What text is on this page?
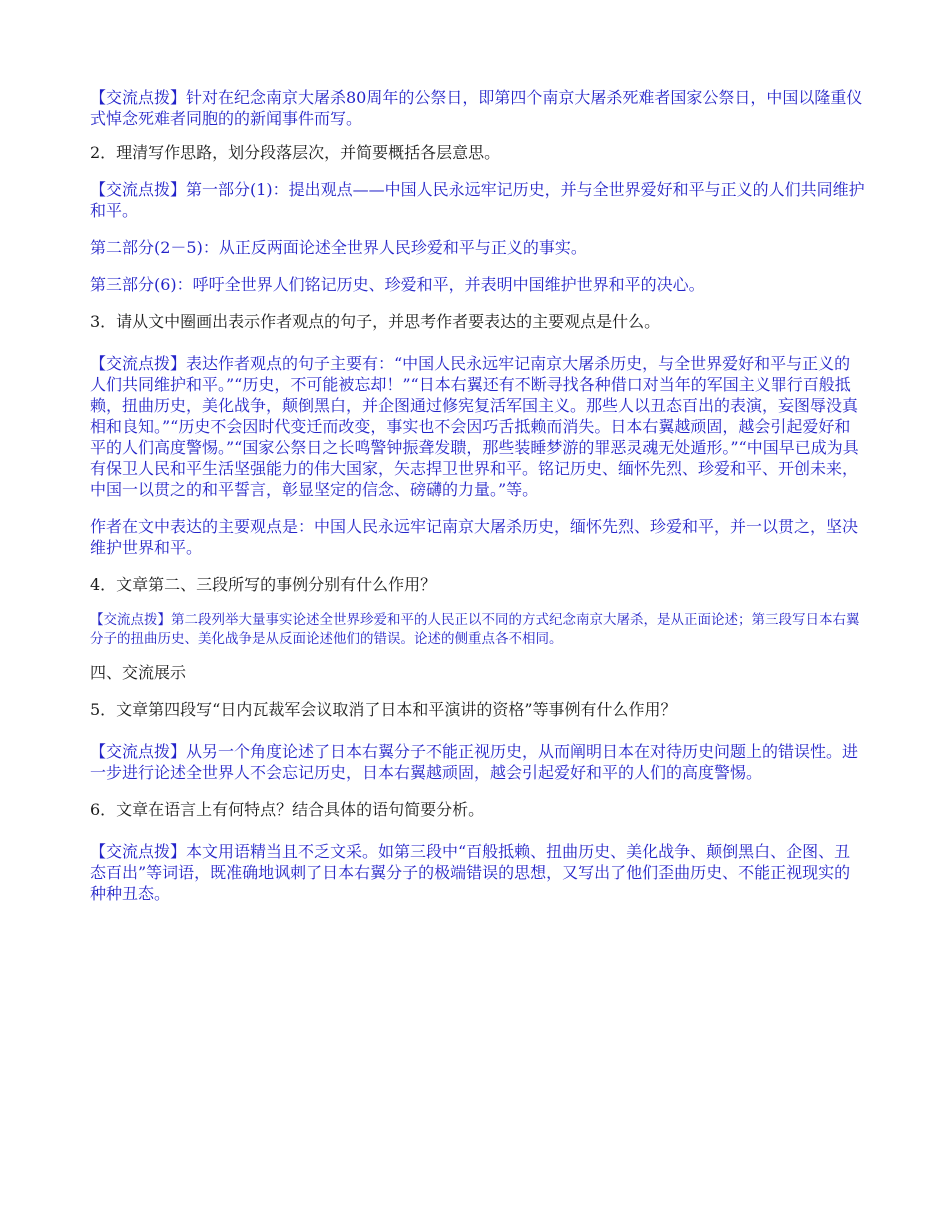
【交流点拨】针对在纪念南京大屠杀80周年的公祭日，即第四个南京大屠杀死难者国家公祭日，中国以隆重仪式悼念死难者同胞的的新闻事件而写。

2．理清写作思路，划分段落层次，并简要概括各层意思。

【交流点拨】第一部分(1)：提出观点——中国人民永远牢记历史，并与全世界爱好和平与正义的人们共同维护和平。

第二部分(2－5)：从正反两面论述全世界人民珍爱和平与正义的事实。

第三部分(6)：呼吁全世界人们铭记历史、珍爱和平，并表明中国维护世界和平的决心。

3．请从文中圈画出表示作者观点的句子，并思考作者要表达的主要观点是什么。

【交流点拨】表达作者观点的句子主要有：“中国人民永远牢记南京大屠杀历史，与全世界爱好和平与正义的人们共同维护和平。”“历史，不可能被忘却！”“日本右翼还有不断寻找各种借口对当年的军国主义罪行百般抵赖，扭曲历史，美化战争，颠倒黑白，并企图通过修宪复活军国主义。那些人以丑态百出的表演，妄图辱没真相和良知。”“历史不会因时代变迁而改变，事实也不会因巧舌抵赖而消失。日本右翼越顽固，越会引起爱好和平的人们高度警惕。”“国家公祭日之长鸣警钟振聋发聩，那些装睡梦游的罪恶灵魂无处遁形。”“中国早已成为具有保卫人民和平生活坚强能力的伟大国家，矢志捍卫世界和平。铭记历史、缅怀先烈、珍爱和平、开创未来，中国一以贯之的和平誓言，彰显坚定的信念、磅礴的力量。”等。

作者在文中表达的主要观点是：中国人民永远牢记南京大屠杀历史，缅怀先烈、珍爱和平，并一以贯之，坚决维护世界和平。

4．文章第二、三段所写的事例分别有什么作用？

【交流点拨】第二段列举大量事实论述全世界珍爱和平的人民正以不同的方式纪念南京大屠杀，是从正面论述；第三段写日本右翼分子的扭曲历史、美化战争是从反面论述他们的错误。论述的侧重点各不相同。

四、交流展示

5．文章第四段写“日内瓦裁军会议取消了日本和平演讲的资格”等事例有什么作用？

【交流点拨】从另一个角度论述了日本右翼分子不能正视历史，从而阐明日本在对待历史问题上的错误性。进一步进行论述全世界人不会忘记历史，日本右翼越顽固，越会引起爱好和平的人们的高度警惕。

6．文章在语言上有何特点？结合具体的语句简要分析。

【交流点拨】本文用语精当且不乏文采。如第三段中“百般抵赖、扭曲历史、美化战争、颠倒黑白、企图、丑态百出”等词语，既准确地讽刺了日本右翼分子的极端错误的思想，又写出了他们歪曲历史、不能正视现实的种种丑态。
